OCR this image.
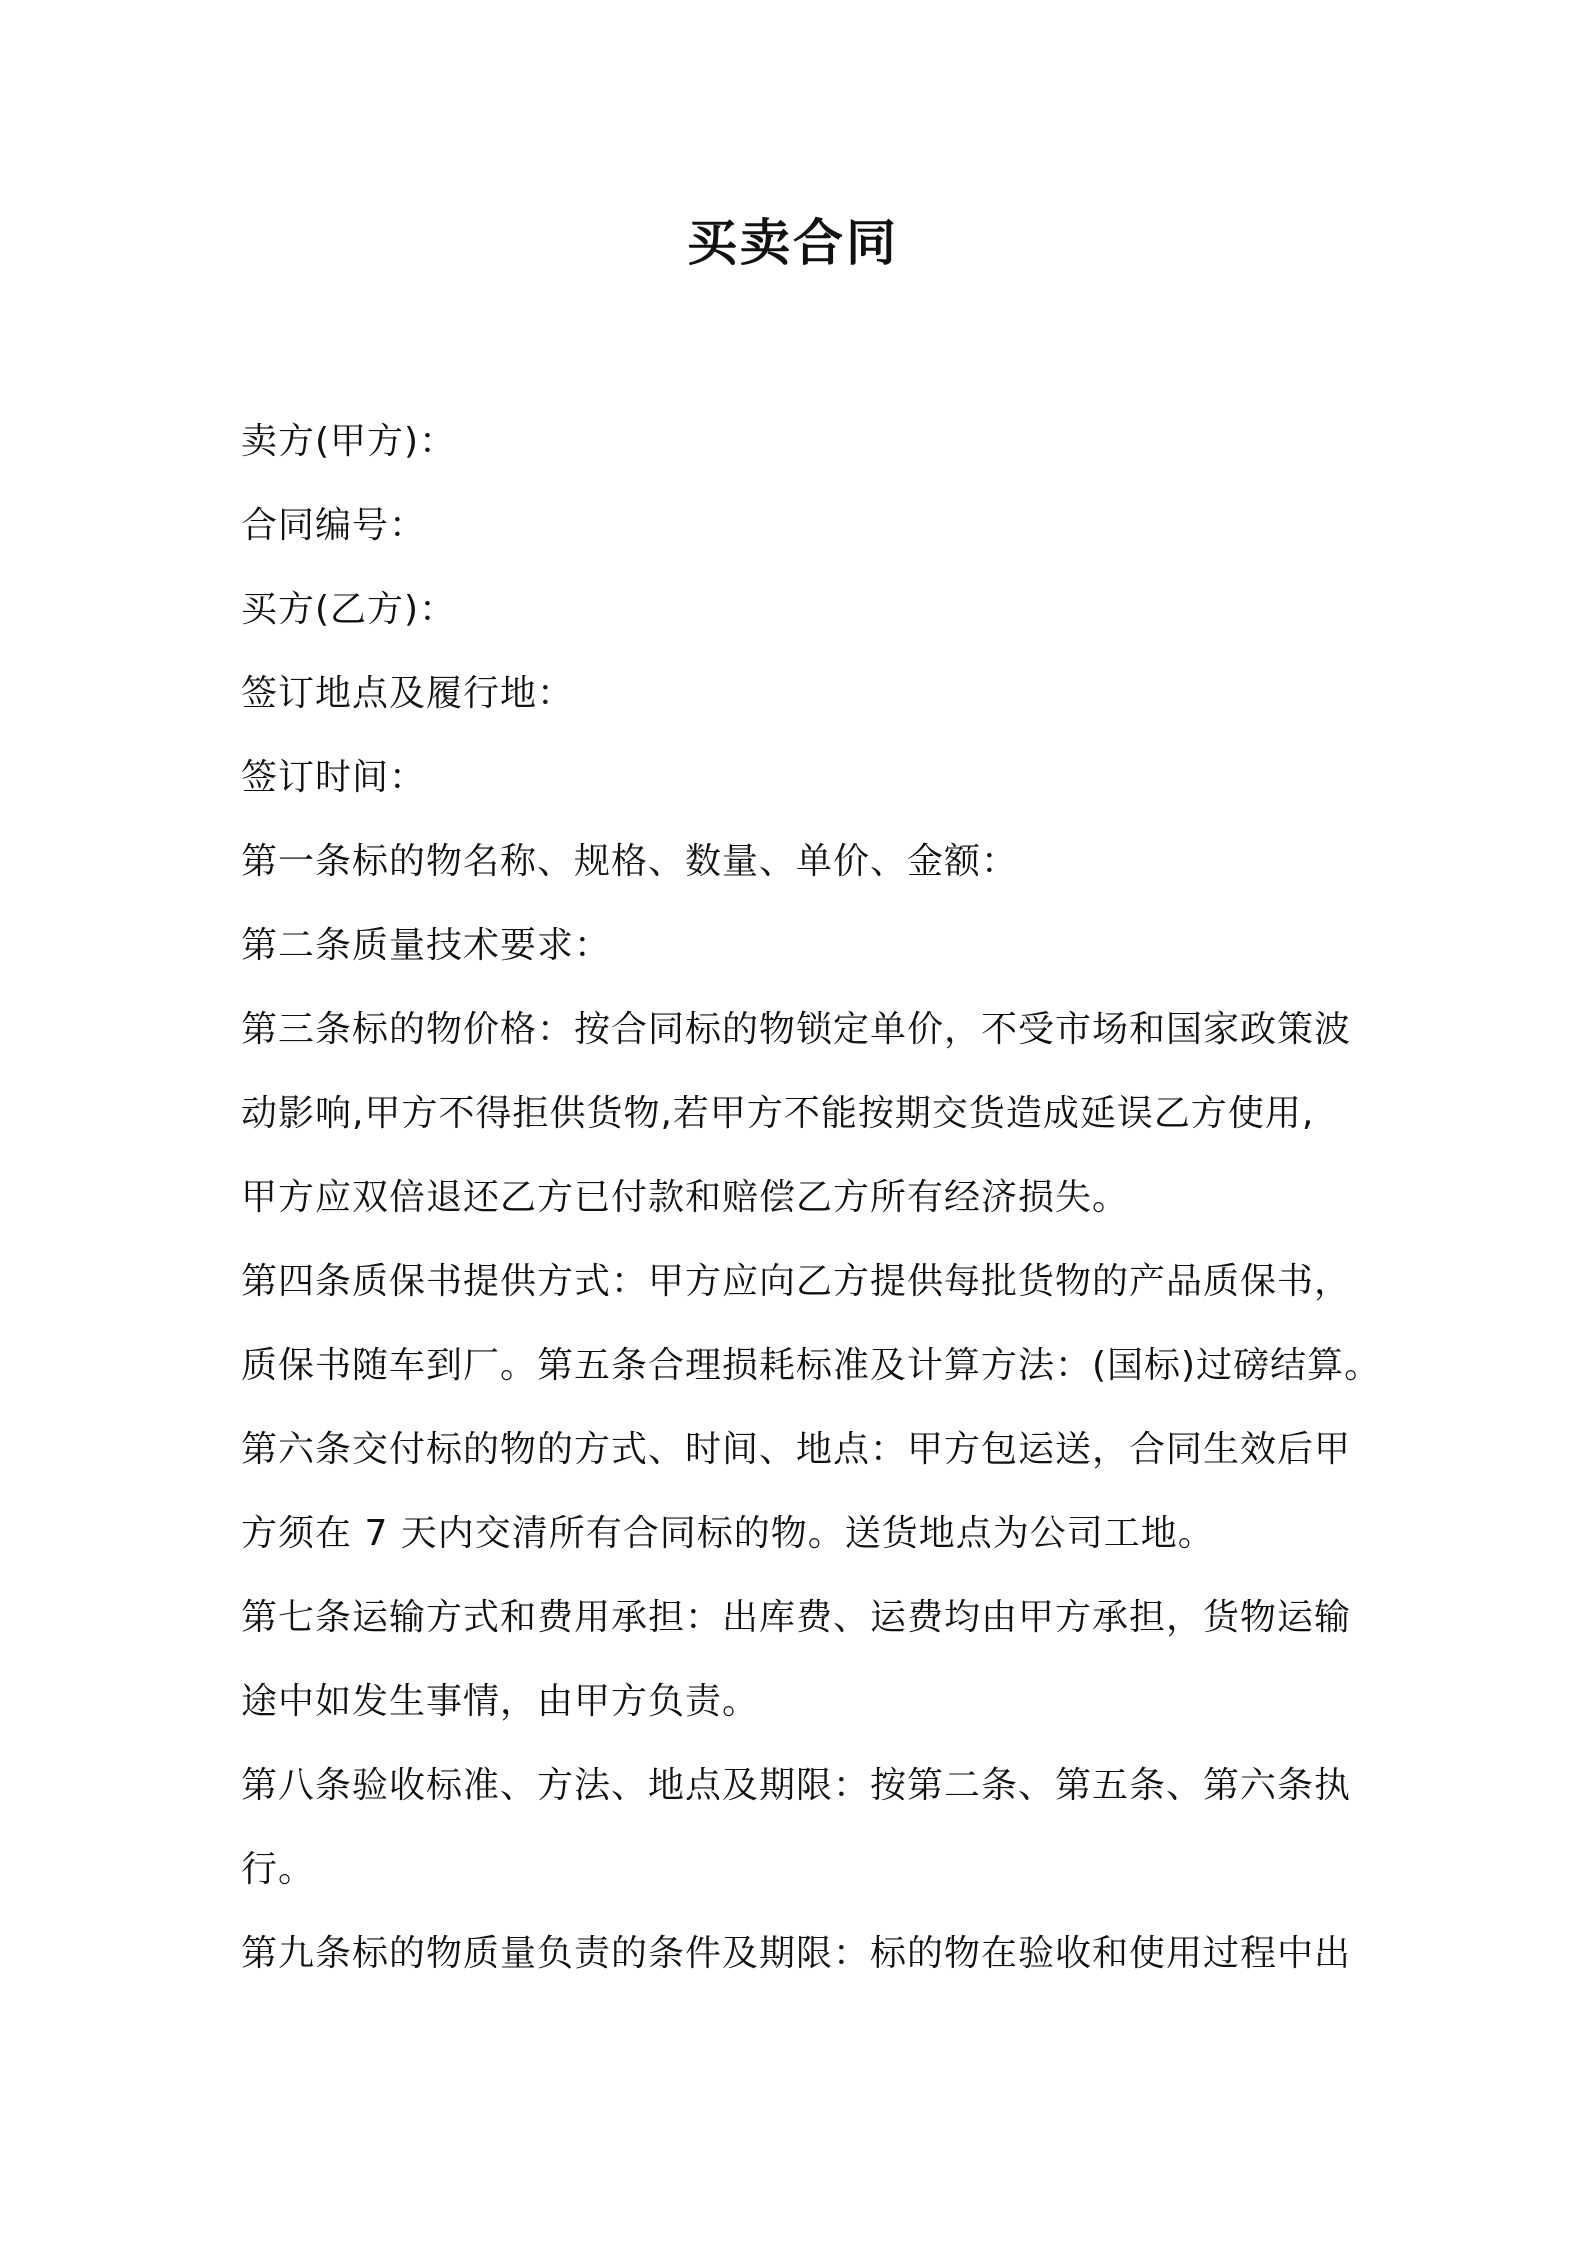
买卖合同
卖方(甲方)：
合同编号：
买方(乙方)：
签订地点及履行地：
签订时间：
第一条标的物名称、规格、数量、单价、金额：
第二条质量技术要求：
第三条标的物价格：按合同标的物锁定单价，不受市场和国家政策波
动影响,甲方不得拒供货物,若甲方不能按期交货造成延误乙方使用,
甲方应双倍退还乙方已付款和赔偿乙方所有经济损失。
第四条质保书提供方式：甲方应向乙方提供每批货物的产品质保书，
质保书随车到厂。第五条合理损耗标准及计算方法：(国标)过磅结算。
第六条交付标的物的方式、时间、地点：甲方包运送，合同生效后甲
方须在 7 天内交清所有合同标的物。送货地点为公司工地。
第七条运输方式和费用承担：出库费、运费均由甲方承担，货物运输
途中如发生事情，由甲方负责。
第八条验收标准、方法、地点及期限：按第二条、第五条、第六条执
行。
第九条标的物质量负责的条件及期限：标的物在验收和使用过程中出
